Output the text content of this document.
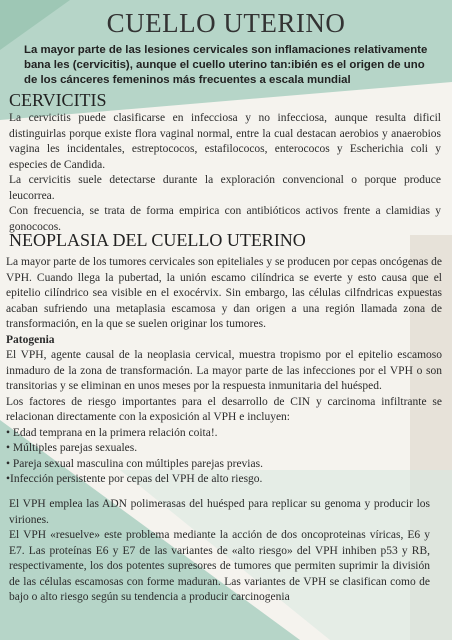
CUELLO UTERINO
La mayor parte de las lesiones cervicales son inflamaciones relativamente bana les (cervicitis), aunque el cuello uterino tan:ibién es el origen de uno de los cánceres femeninos más frecuentes a escala mundial
CERVICITIS

La cervicitis puede clasificarse en infecciosa y no infecciosa, aunque resulta dificil distinguirlas porque existe flora vaginal normal, entre la cual destacan aerobios y anaerobios vagina les incidentales, estreptococos, estafilococos, enterococos y Escherichia coli y especies de Candida.

La cervicitis suele detectarse durante la exploración convencional o porque produce leucorrea.

Con frecuencia, se trata de forma empirica con antibióticos activos frente a clamidias y gonococos.

NEOPLASIA DEL CUELLO UTERINO

La mayor parte de los tumores cervicales son epiteliales y se producen por cepas oncógenas de VPH. Cuando llega la pubertad, la unión escamo cilíndrica se everte y esto causa que el epitelio cilíndrico sea visible en el exocérvix. Sin embargo, las células cilfndricas expuestas acaban sufriendo una metaplasia escamosa y dan origen a una región llamada zona de transformación, en la que se suelen originar los tumores.

Patogenia

El VPH, agente causal de la neoplasia cervical, muestra tropismo por el epitelio escamoso inmaduro de la zona de transformación. La mayor parte de las infecciones por el VPH o son transitorias y se eliminan en unos meses por la respuesta inmunitaria del huésped.

Los factores de riesgo importantes para el desarrollo de CIN y carcinoma infiltrante se relacionan directamente con la exposición al VPH e incluyen:

• Edad temprana en la primera relación coita!.

• Múltiples parejas sexuales.

• Pareja sexual masculina con múltiples parejas previas.

•Infección persistente por cepas del VPH de alto riesgo.

El VPH emplea las ADN polimerasas del huésped para replicar su genoma y producir los viriones.

El VPH «resuelve» este problema mediante la acción de dos oncoproteinas víricas, E6 y E7. Las proteínas E6 y E7 de las variantes de «alto riesgo» del VPH inhiben p53 y RB, respectivamente, los dos potentes supresores de tumores que permiten suprimir la división de las células escamosas con forme maduran. Las variantes de VPH se clasifican como de bajo o alto riesgo según su tendencia a producir carcinogenia
